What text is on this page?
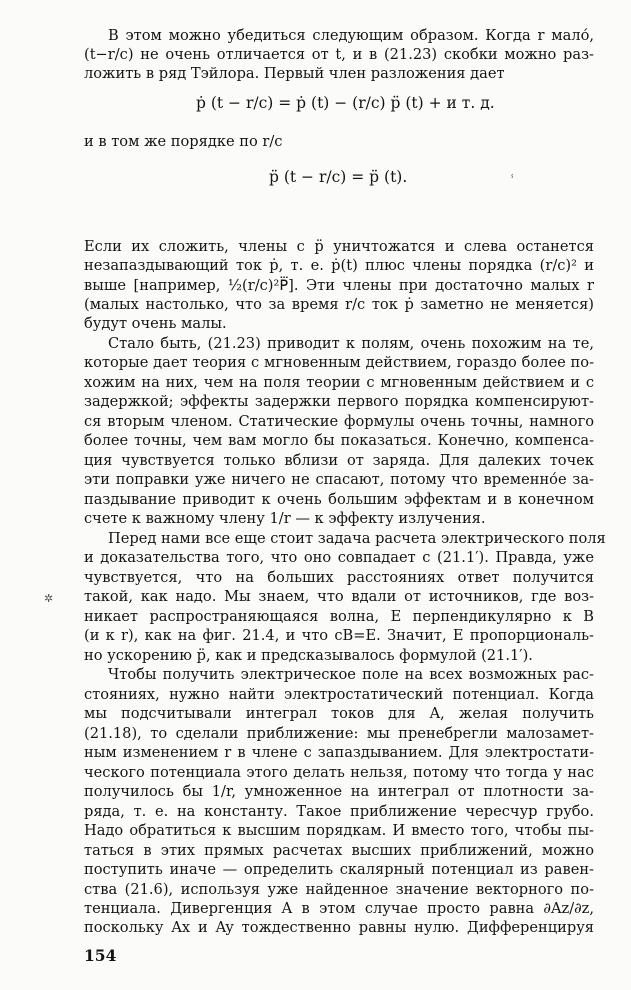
В этом можно убедиться следующим образом. Когда r мало́,
(t−r/c) не очень отличается от t, и в (21.23) скобки можно раз-
ложить в ряд Тэйлора. Первый член разложения дает
ṗ (t − r/c) = ṗ (t) − (r/c) p̈ (t) + и т. д.
и в том же порядке по r/c
p̈ (t − r/c) = p̈ (t).
Если их сложить, члены с p̈ уничтожатся и слева останется
незапаздывающий ток ṗ, т. е. ṗ(t) плюс члены порядка (r/c)² и
выше [например, ½(r/c)²P⃛]. Эти члены при достаточно малых r
(малых настолько, что за время r/c ток ṗ заметно не меняется)
будут очень малы.
Стало быть, (21.23) приводит к полям, очень похожим на те,
которые дает теория с мгновенным действием, гораздо более по-
хожим на них, чем на поля теории с мгновенным действием и с
задержкой; эффекты задержки первого порядка компенсируют-
ся вторым членом. Статические формулы очень точны, намного
более точны, чем вам могло бы показаться. Конечно, компенса-
ция чувствуется только вблизи от заряда. Для далеких точек
эти поправки уже ничего не спасают, потому что временно́е за-
паздывание приводит к очень большим эффектам и в конечном
счете к важному члену 1/r — к эффекту излучения.
Перед нами все еще стоит задача расчета электрического поля
и доказательства того, что оно совпадает с (21.1′). Правда, уже
чувствуется, что на больших расстояниях ответ получится
такой, как надо. Мы знаем, что вдали от источников, где воз-
никает распространяющаяся волна, E перпендикулярно к B
(и к r), как на фиг. 21.4, и что cB=E. Значит, E пропорциональ-
но ускорению p̈, как и предсказывалось формулой (21.1′).
Чтобы получить электрическое поле на всех возможных рас-
стояниях, нужно найти электростатический потенциал. Когда
мы подсчитывали интеграл токов для A, желая получить
(21.18), то сделали приближение: мы пренебрегли малозамет-
ным изменением r в члене с запаздыванием. Для электростати-
ческого потенциала этого делать нельзя, потому что тогда у нас
получилось бы 1/r, умноженное на интеграл от плотности за-
ряда, т. е. на константу. Такое приближение чересчур грубо.
Надо обратиться к высшим порядкам. И вместо того, чтобы пы-
таться в этих прямых расчетах высших приближений, можно
поступить иначе — определить скалярный потенциал из равен-
ства (21.6), используя уже найденное значение векторного по-
тенциала. Дивергенция A в этом случае просто равна ∂Az/∂z,
поскольку Ax и Ay тождественно равны нулю. Дифференцируя
154
ⸯ
✲
